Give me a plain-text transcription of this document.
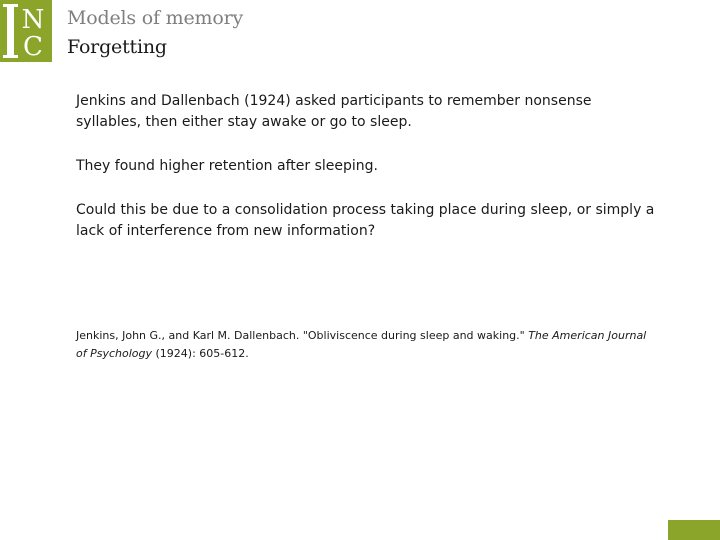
N
C
Models of memory
Forgetting

Jenkins and Dallenbach (1924) asked participants to remember nonsense syllables, then either stay awake or go to sleep.

They found higher retention after sleeping.

Could this be due to a consolidation process taking place during sleep, or simply a lack of interference from new information?

Jenkins, John G., and Karl M. Dallenbach. "Obliviscence during sleep and waking." The American Journal of Psychology (1924): 605-612.
